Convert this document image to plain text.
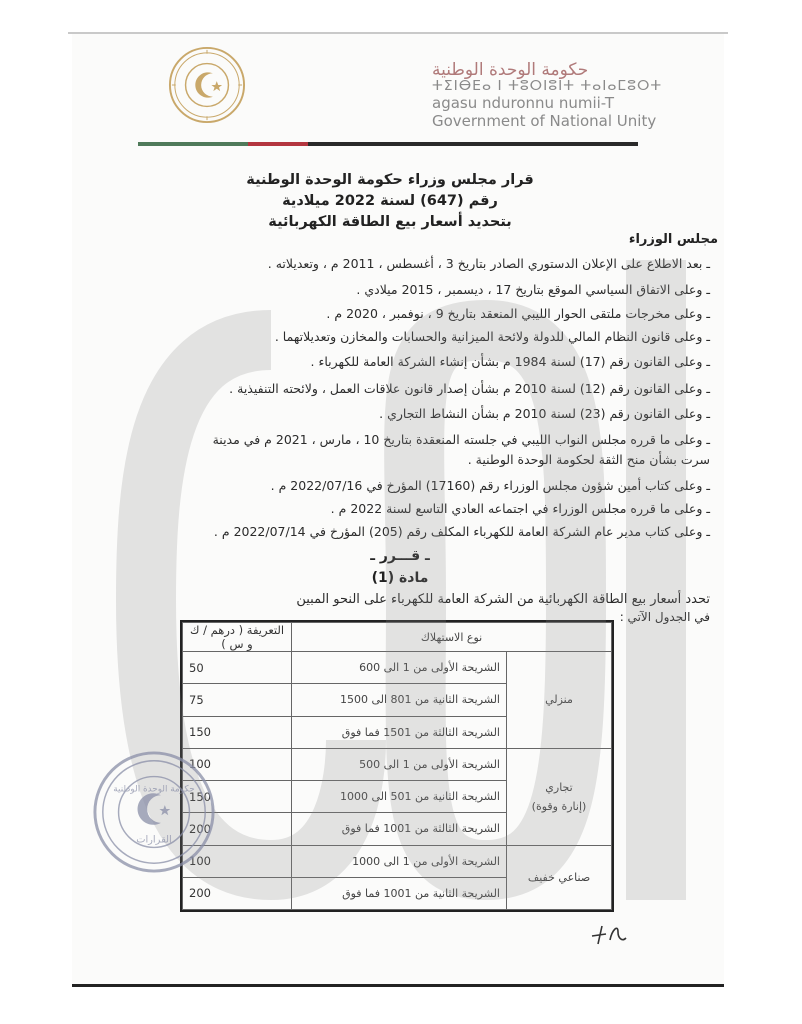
حكومة الوحدة الوطنية
ⵜⵉⵏⴱⴹⴰ ⵏ ⵜⵓⵔⵏⵓⵏⵜ ⵜⴰⵏⴰⵎⵓⵔⵜ
agasu nduronnu numii-T
Government of National Unity
قرار مجلس وزراء حكومة الوحدة الوطنية
رقم (647) لسنة 2022 ميلادية
بتحديد أسعار بيع الطاقة الكهربائية
مجلس الوزراء
ـ بعد الاطلاع على الإعلان الدستوري الصادر بتاريخ 3 ، أغسطس ، 2011 م ، وتعديلاته .
ـ وعلى الاتفاق السياسي الموقع بتاريخ 17 ، ديسمبر ، 2015 ميلادي .
ـ وعلى مخرجات ملتقى الحوار الليبي المنعقد بتاريخ 9 ، نوفمبر ، 2020 م .
ـ وعلى قانون النظام المالي للدولة ولائحة الميزانية والحسابات والمخازن وتعديلاتهما .
ـ وعلى القانون رقم (17) لسنة 1984 م بشأن إنشاء الشركة العامة للكهرباء .
ـ وعلى القانون رقم (12) لسنة 2010 م بشأن إصدار قانون علاقات العمل ، ولائحته التنفيذية .
ـ وعلى القانون رقم (23) لسنة 2010 م بشأن النشاط التجاري .
ـ وعلى ما قرره مجلس النواب الليبي في جلسته المنعقدة بتاريخ 10 ، مارس ، 2021 م في مدينة
سرت بشأن منح الثقة لحكومة الوحدة الوطنية .
ـ وعلى كتاب أمين شؤون مجلس الوزراء رقم (17160) المؤرخ في 2022/07/16 م .
ـ وعلى ما قرره مجلس الوزراء في اجتماعه العادي التاسع لسنة 2022 م .
ـ وعلى كتاب مدير عام الشركة العامة للكهرباء المكلف رقم (205) المؤرخ في 2022/07/14 م .
ـ قـــرر ـ
مادة (1)
تحدد أسعار بيع الطاقة الكهربائية من الشركة العامة للكهرباء على النحو المبين
في الجدول الآتي :
التعريفة ( درهم / ك و س )	نوع الاستهلاك	
50	الشريحة الأولى من 1 الى 600	منزلي
75	الشريحة الثانية من 801 الى 1500	
150	الشريحة الثالثة من 1501 فما فوق	
100	الشريحة الأولى من 1 الى 500	تجاري
(إنارة وقوة)

150	الشريحة الثانية من 501 الى 1000	
200	الشريحة الثالثة من 1001 فما فوق	
100	الشريحة الأولى من 1 الى 1000	صناعي خفيف
200	الشريحة الثانية من 1001 فما فوق	
حكومة الوحدة الوطنية
القرارات
